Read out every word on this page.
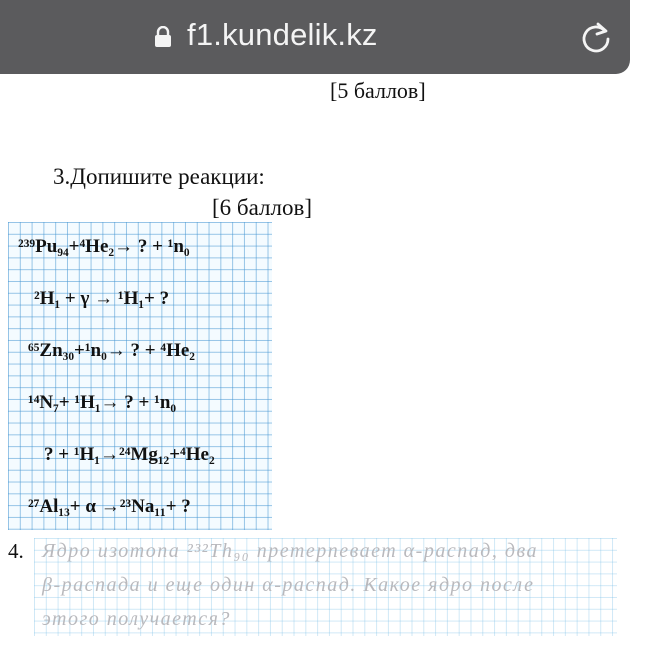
f1.kundelik.kz
[5 баллов]
3.Допишите реакции:
[6 баллов]
²³⁹Pu₉₄+⁴He₂→ ? + ¹n₀
²H₁ + γ → ¹H₁+ ?
⁶⁵Zn₃₀+¹n₀→ ? + ⁴He₂
¹⁴N₇+ ¹H₁→ ? + ¹n₀
? + ¹H₁→²⁴Mg₁₂+⁴He₂
²⁷Al₁₃+ α →²³Na₁₁+ ?
4. Ядро изотопа ²³²Th₉₀ претерпевает α-распад, два
β-распада и еще один α-распад. Какое ядро после
этого получается?
